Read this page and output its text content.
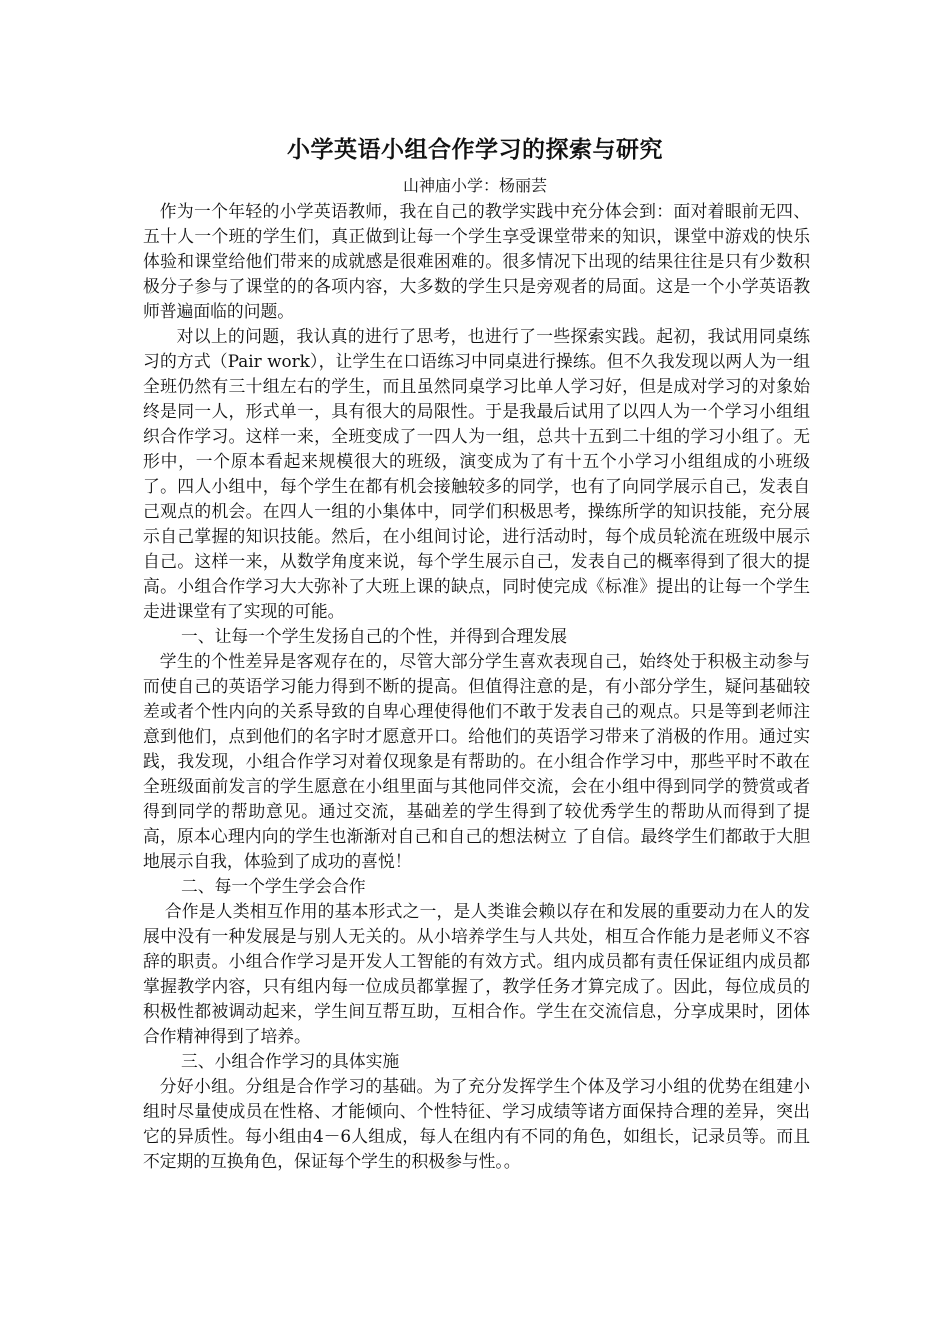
小学英语小组合作学习的探索与研究
山神庙小学：杨丽芸

作为一个年轻的小学英语教师，我在自己的教学实践中充分体会到：面对着眼前无四、五十人一个班的学生们，真正做到让每一个学生享受课堂带来的知识，课堂中游戏的快乐体验和课堂给他们带来的成就感是很难困难的。很多情况下出现的结果往往是只有少数积极分子参与了课堂的的各项内容，大多数的学生只是旁观者的局面。这是一个小学英语教师普遍面临的问题。

对以上的问题，我认真的进行了思考，也进行了一些探索实践。起初，我试用同桌练习的方式（Pair work），让学生在口语练习中同桌进行操练。但不久我发现以两人为一组全班仍然有三十组左右的学生，而且虽然同桌学习比单人学习好，但是成对学习的对象始终是同一人，形式单一，具有很大的局限性。于是我最后试用了以四人为一个学习小组组织合作学习。这样一来，全班变成了一四人为一组，总共十五到二十组的学习小组了。无形中，一个原本看起来规模很大的班级，演变成为了有十五个小学习小组组成的小班级了。四人小组中，每个学生在都有机会接触较多的同学，也有了向同学展示自己，发表自己观点的机会。在四人一组的小集体中，同学们积极思考，操练所学的知识技能，充分展示自己掌握的知识技能。然后，在小组间讨论，进行活动时，每个成员轮流在班级中展示自己。这样一来，从数学角度来说，每个学生展示自己，发表自己的概率得到了很大的提高。小组合作学习大大弥补了大班上课的缺点，同时使完成《标准》提出的让每一个学生走进课堂有了实现的可能。

一、让每一个学生发扬自己的个性，并得到合理发展

学生的个性差异是客观存在的，尽管大部分学生喜欢表现自己，始终处于积极主动参与而使自己的英语学习能力得到不断的提高。但值得注意的是，有小部分学生，疑问基础较差或者个性内向的关系导致的自卑心理使得他们不敢于发表自己的观点。只是等到老师注意到他们，点到他们的名字时才愿意开口。给他们的英语学习带来了消极的作用。通过实践，我发现，小组合作学习对着仅现象是有帮助的。在小组合作学习中，那些平时不敢在全班级面前发言的学生愿意在小组里面与其他同伴交流，会在小组中得到同学的赞赏或者得到同学的帮助意见。通过交流，基础差的学生得到了较优秀学生的帮助从而得到了提高，原本心理内向的学生也渐渐对自己和自己的想法树立 了自信。最终学生们都敢于大胆地展示自我，体验到了成功的喜悦！

二、每一个学生学会合作

合作是人类相互作用的基本形式之一，是人类谁会赖以存在和发展的重要动力在人的发展中没有一种发展是与别人无关的。从小培养学生与人共处，相互合作能力是老师义不容辞的职责。小组合作学习是开发人工智能的有效方式。组内成员都有责任保证组内成员都掌握教学内容，只有组内每一位成员都掌握了，教学任务才算完成了。因此，每位成员的积极性都被调动起来，学生间互帮互助，互相合作。学生在交流信息，分享成果时，团体合作精神得到了培养。

三、小组合作学习的具体实施

分好小组。分组是合作学习的基础。为了充分发挥学生个体及学习小组的优势在组建小组时尽量使成员在性格、才能倾向、个性特征、学习成绩等诸方面保持合理的差异，突出它的异质性。每小组由4－6人组成，每人在组内有不同的角色，如组长，记录员等。而且不定期的互换角色，保证每个学生的积极参与性。。
